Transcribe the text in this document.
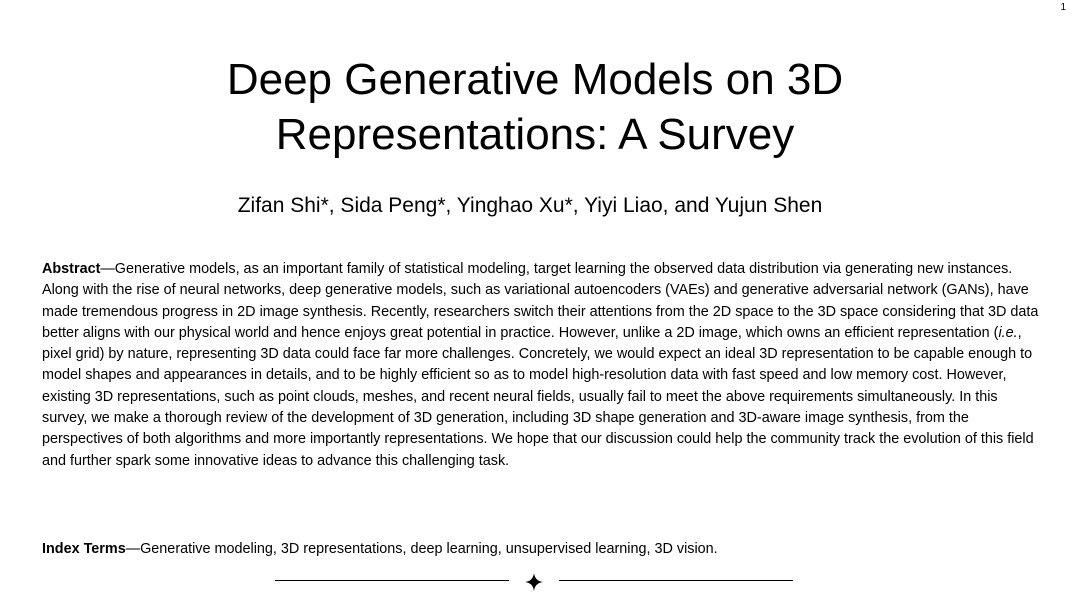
1
Deep Generative Models on 3D
Representations: A Survey
Zifan Shi*, Sida Peng*, Yinghao Xu*, Yiyi Liao, and Yujun Shen

Abstract—Generative models, as an important family of statistical modeling, target learning the observed data distribution via generating new instances. Along with the rise of neural networks, deep generative models, such as variational autoencoders (VAEs) and generative adversarial network (GANs), have made tremendous progress in 2D image synthesis. Recently, researchers switch their attentions from the 2D space to the 3D space considering that 3D data better aligns with our physical world and hence enjoys great potential in practice. However, unlike a 2D image, which owns an efficient representation (i.e., pixel grid) by nature, representing 3D data could face far more challenges. Concretely, we would expect an ideal 3D representation to be capable enough to model shapes and appearances in details, and to be highly efficient so as to model high-resolution data with fast speed and low memory cost. However, existing 3D representations, such as point clouds, meshes, and recent neural fields, usually fail to meet the above requirements simultaneously. In this survey, we make a thorough review of the development of 3D generation, including 3D shape generation and 3D-aware image synthesis, from the perspectives of both algorithms and more importantly representations. We hope that our discussion could help the community track the evolution of this field and further spark some innovative ideas to advance this challenging task.

Index Terms—Generative modeling, 3D representations, deep learning, unsupervised learning, 3D vision.
